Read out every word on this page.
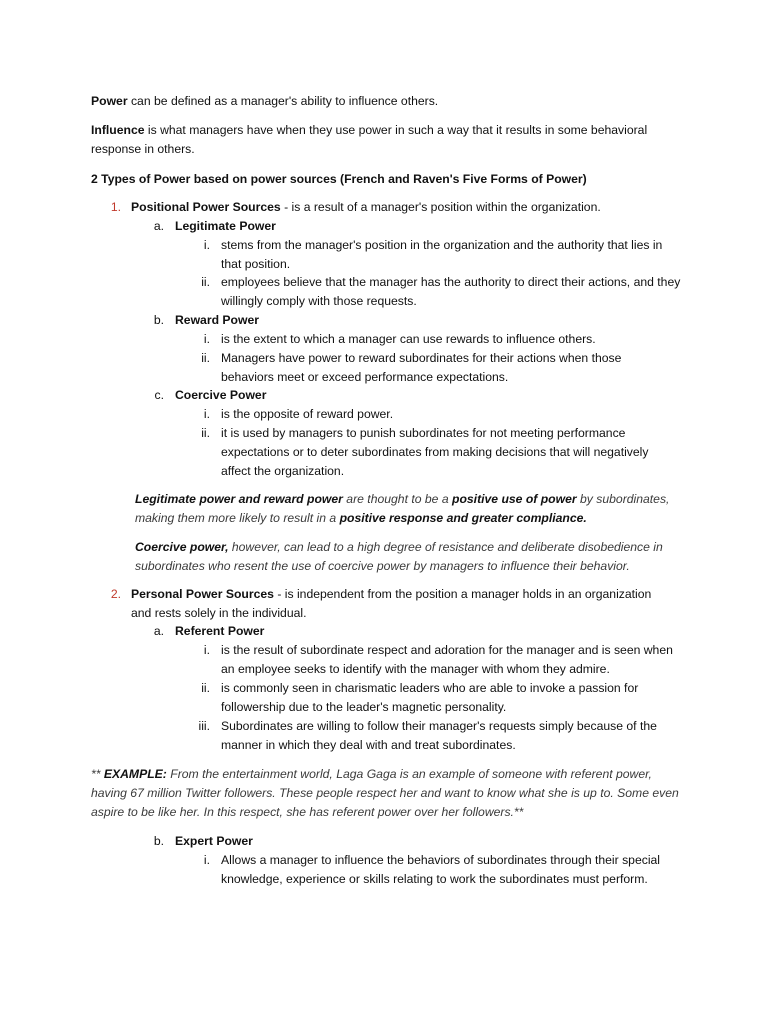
Power can be defined as a manager's ability to influence others.
Influence is what managers have when they use power in such a way that it results in some behavioral response in others.
2 Types of Power based on power sources (French and Raven's Five Forms of Power)
1. Positional Power Sources - is a result of a manager's position within the organization.
a. Legitimate Power
i. stems from the manager's position in the organization and the authority that lies in that position.
ii. employees believe that the manager has the authority to direct their actions, and they willingly comply with those requests.
b. Reward Power
i. is the extent to which a manager can use rewards to influence others.
ii. Managers have power to reward subordinates for their actions when those behaviors meet or exceed performance expectations.
c. Coercive Power
i. is the opposite of reward power.
ii. it is used by managers to punish subordinates for not meeting performance expectations or to deter subordinates from making decisions that will negatively affect the organization.
Legitimate power and reward power are thought to be a positive use of power by subordinates, making them more likely to result in a positive response and greater compliance.
Coercive power, however, can lead to a high degree of resistance and deliberate disobedience in subordinates who resent the use of coercive power by managers to influence their behavior.
2. Personal Power Sources - is independent from the position a manager holds in an organization and rests solely in the individual.
a. Referent Power
i. is the result of subordinate respect and adoration for the manager and is seen when an employee seeks to identify with the manager with whom they admire.
ii. is commonly seen in charismatic leaders who are able to invoke a passion for followership due to the leader's magnetic personality.
iii. Subordinates are willing to follow their manager's requests simply because of the manner in which they deal with and treat subordinates.
** EXAMPLE: From the entertainment world, Laga Gaga is an example of someone with referent power, having 67 million Twitter followers. These people respect her and want to know what she is up to. Some even aspire to be like her. In this respect, she has referent power over her followers.**
b. Expert Power
i. Allows a manager to influence the behaviors of subordinates through their special knowledge, experience or skills relating to work the subordinates must perform.
